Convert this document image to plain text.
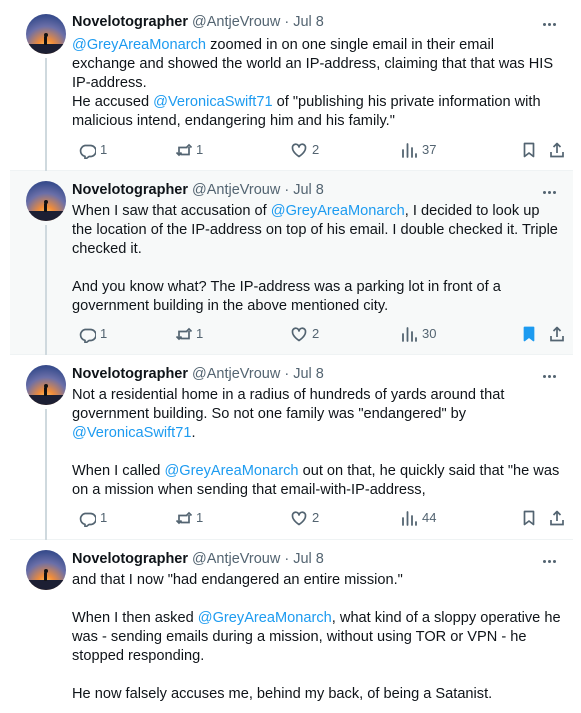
Novelotographer @AntjeVrouw · Jul 8

@GreyAreaMonarch zoomed in on one single email in their email exchange and showed the world an IP-address, claiming that that was HIS IP-address.
He accused @VeronicaSwift71 of "publishing his private information with malicious intend, endangering him and his family."

1	1	2	37
Novelotographer @AntjeVrouw · Jul 8

When I saw that accusation of @GreyAreaMonarch, I decided to look up the location of the IP-address on top of his email. I double checked it. Triple checked it.

And you know what? The IP-address was a parking lot in front of a government building in the above mentioned city.

1	1	2	30
Novelotographer @AntjeVrouw · Jul 8

Not a residential home in a radius of hundreds of yards around that government building. So not one family was "endangered" by @VeronicaSwift71.

When I called @GreyAreaMonarch out on that, he quickly said that "he was on a mission when sending that email-with-IP-address,

1	1	2	44
Novelotographer @AntjeVrouw · Jul 8

and that I now "had endangered an entire mission."

When I then asked @GreyAreaMonarch, what kind of a sloppy operative he was - sending emails during a mission, without using TOR or VPN - he stopped responding.

He now falsely accuses me, behind my back, of being a Satanist.
